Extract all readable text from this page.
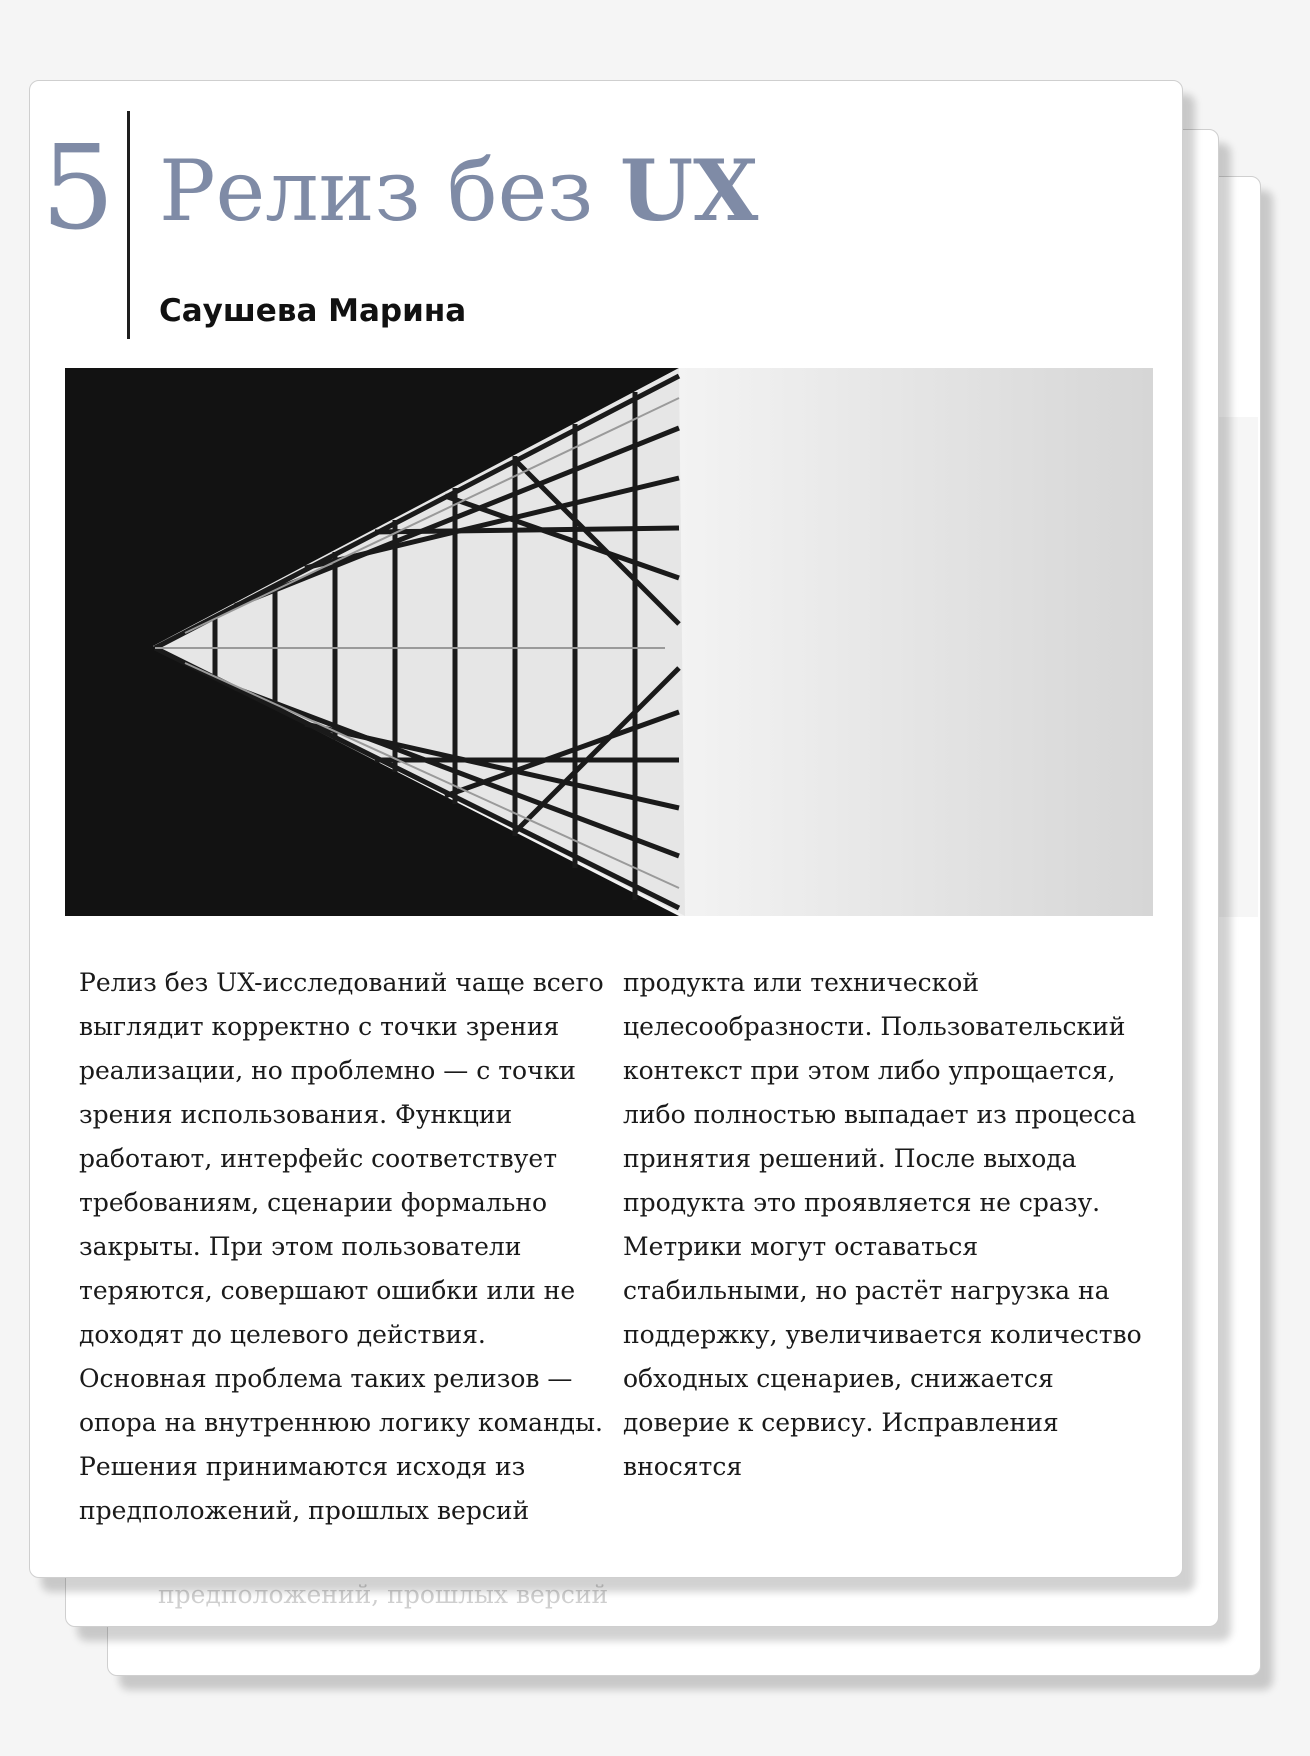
предположений, прошлых версий
5 Релиз без UX
Саушева Марина

Релиз без UX-исследований чаще всего

выглядит корректно с точки зрения

реализации, но проблемно — с точки

зрения использования. Функции

работают, интерфейс соответствует

требованиям, сценарии формально

закрыты. При этом пользователи

теряются, совершают ошибки или не

доходят до целевого действия.

Основная проблема таких релизов —

опора на внутреннюю логику команды.

Решения принимаются исходя из

предположений, прошлых версий

продукта или технической

целесообразности. Пользовательский

контекст при этом либо упрощается,

либо полностью выпадает из процесса

принятия решений. После выхода

продукта это проявляется не сразу.

Метрики могут оставаться

стабильными, но растёт нагрузка на

поддержку, увеличивается количество

обходных сценариев, снижается

доверие к сервису. Исправления

вносятся
